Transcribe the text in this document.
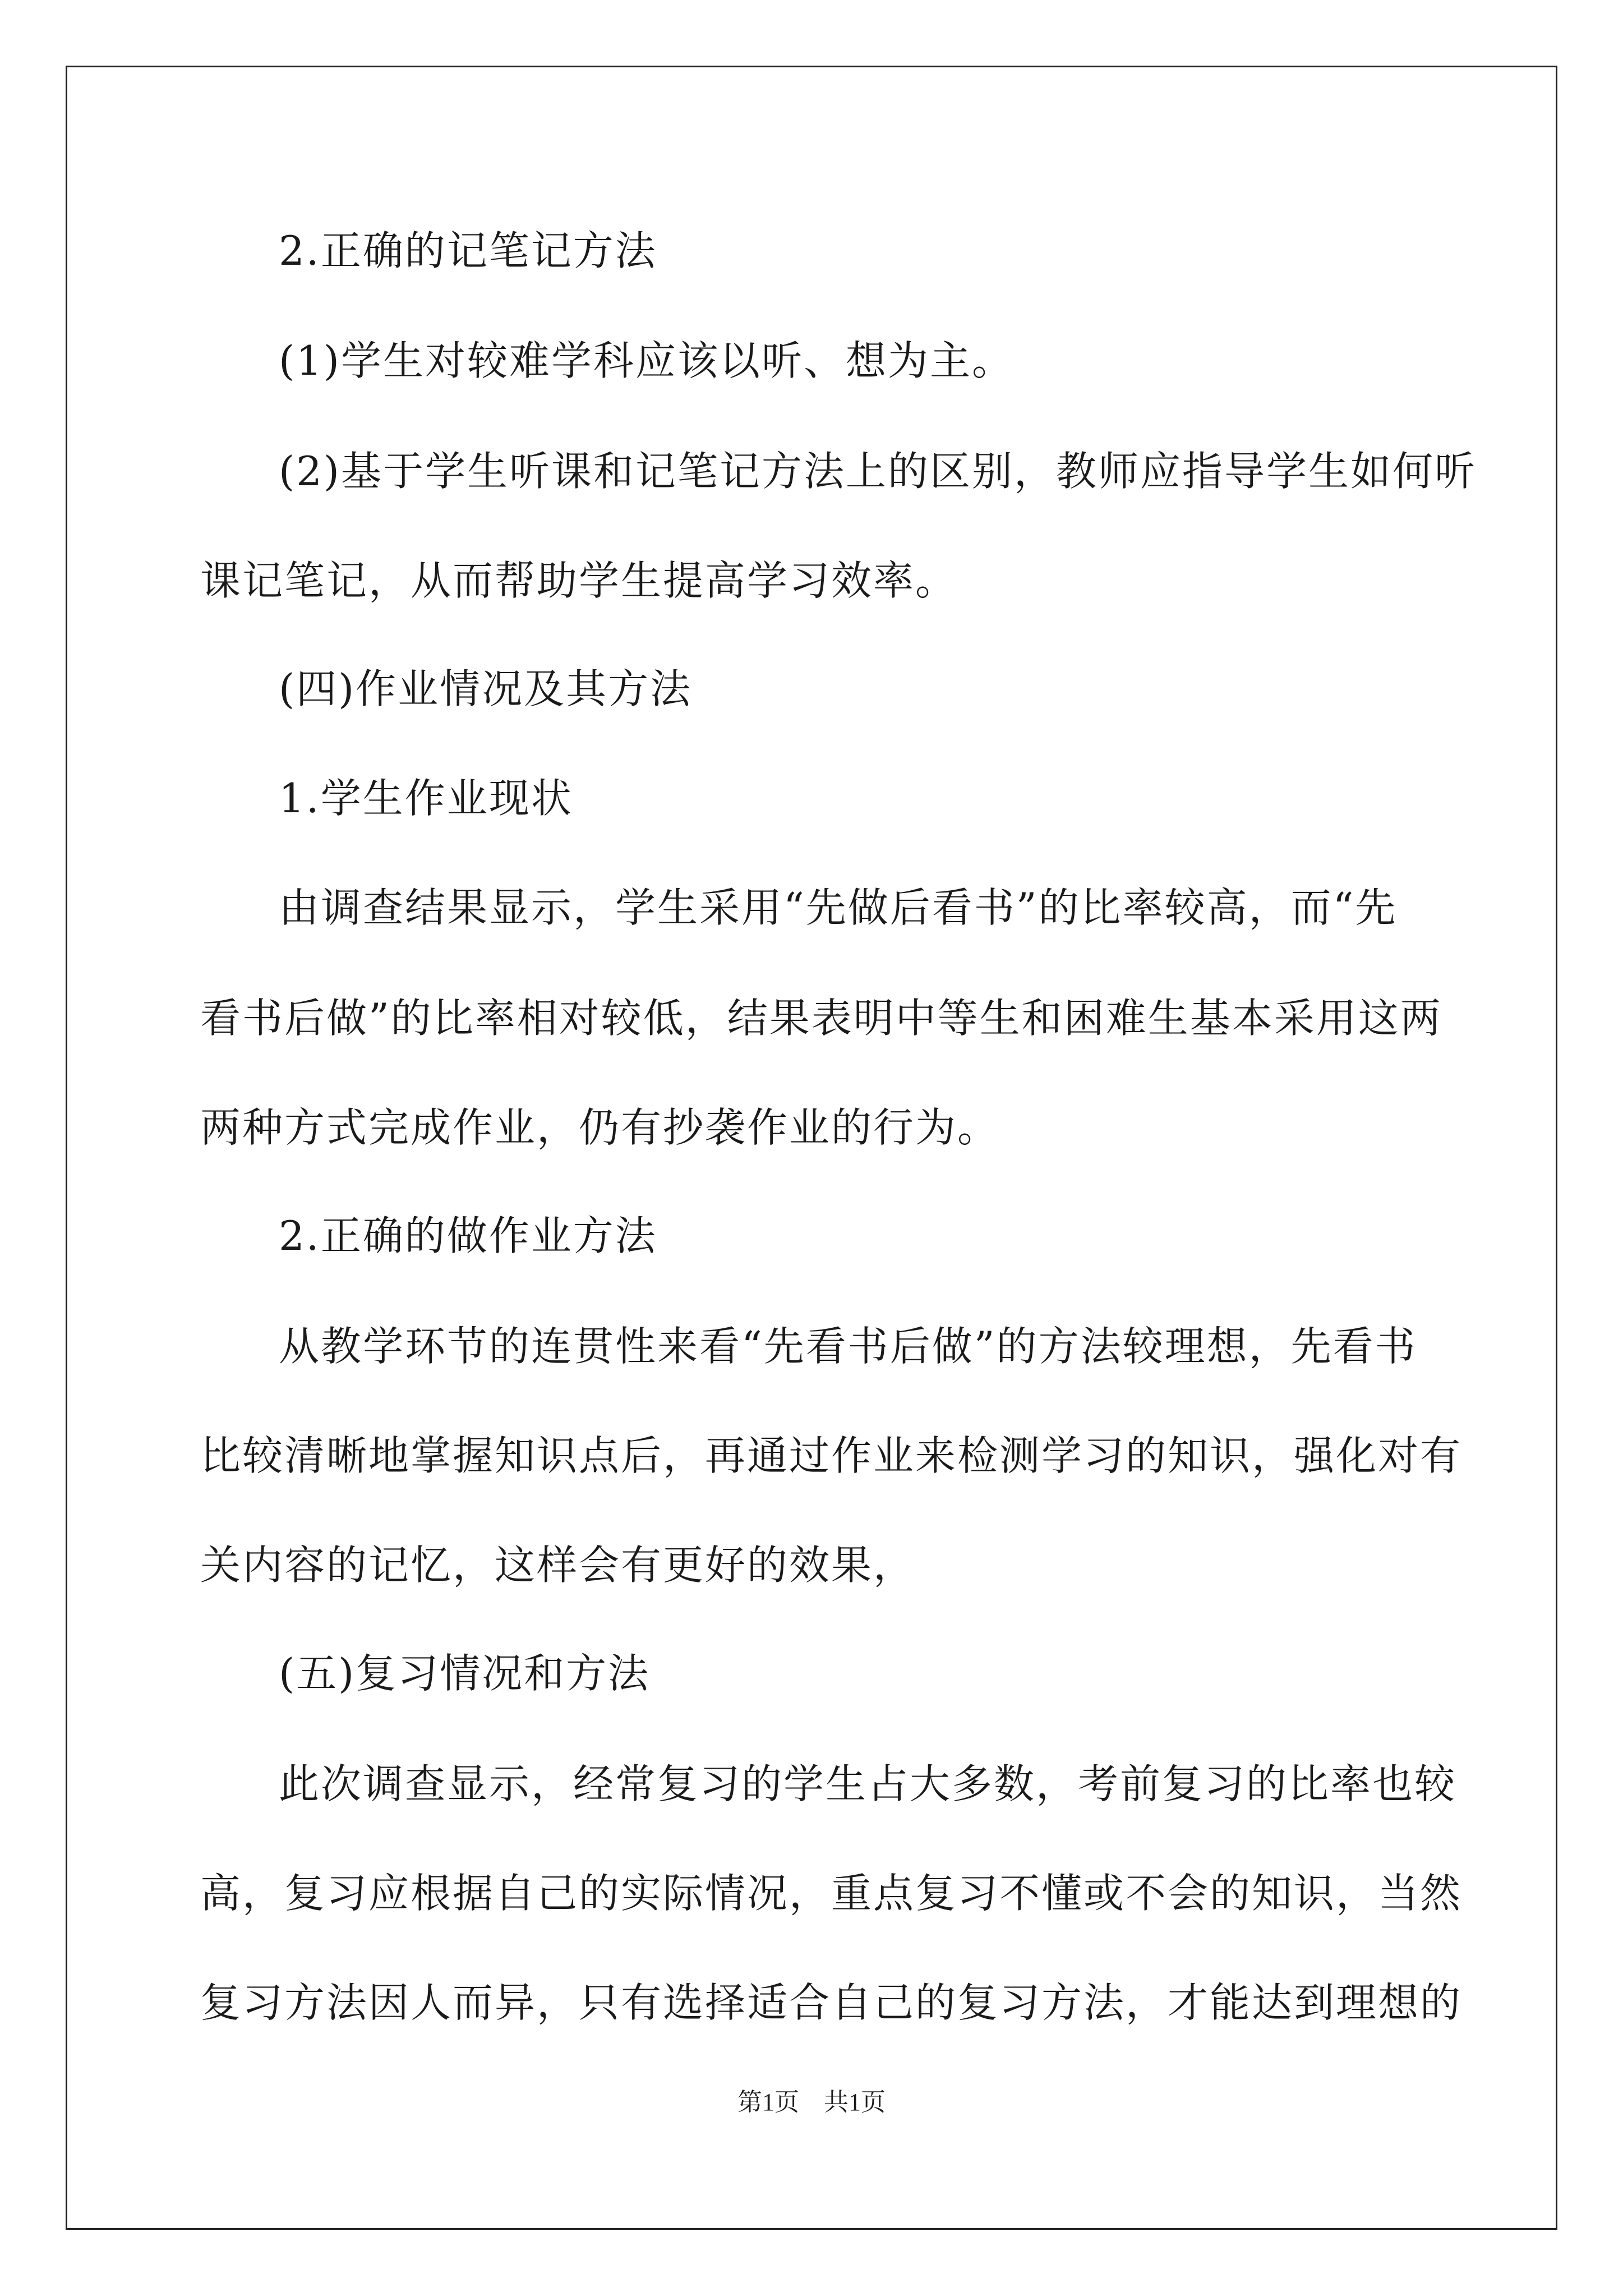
2.正确的记笔记方法
(1)学生对较难学科应该以听、想为主。
(2)基于学生听课和记笔记方法上的区别，教师应指导学生如何听
课记笔记，从而帮助学生提高学习效率。
(四)作业情况及其方法
1.学生作业现状
由调查结果显示，学生采用“先做后看书”的比率较高，而“先
看书后做”的比率相对较低，结果表明中等生和困难生基本采用这两
两种方式完成作业，仍有抄袭作业的行为。
2.正确的做作业方法
从教学环节的连贯性来看“先看书后做”的方法较理想，先看书
比较清晰地掌握知识点后，再通过作业来检测学习的知识，强化对有
关内容的记忆，这样会有更好的效果，
(五)复习情况和方法
此次调查显示，经常复习的学生占大多数，考前复习的比率也较
高，复习应根据自己的实际情况，重点复习不懂或不会的知识，当然
复习方法因人而异，只有选择适合自己的复习方法，才能达到理想的
第1页　共1页
